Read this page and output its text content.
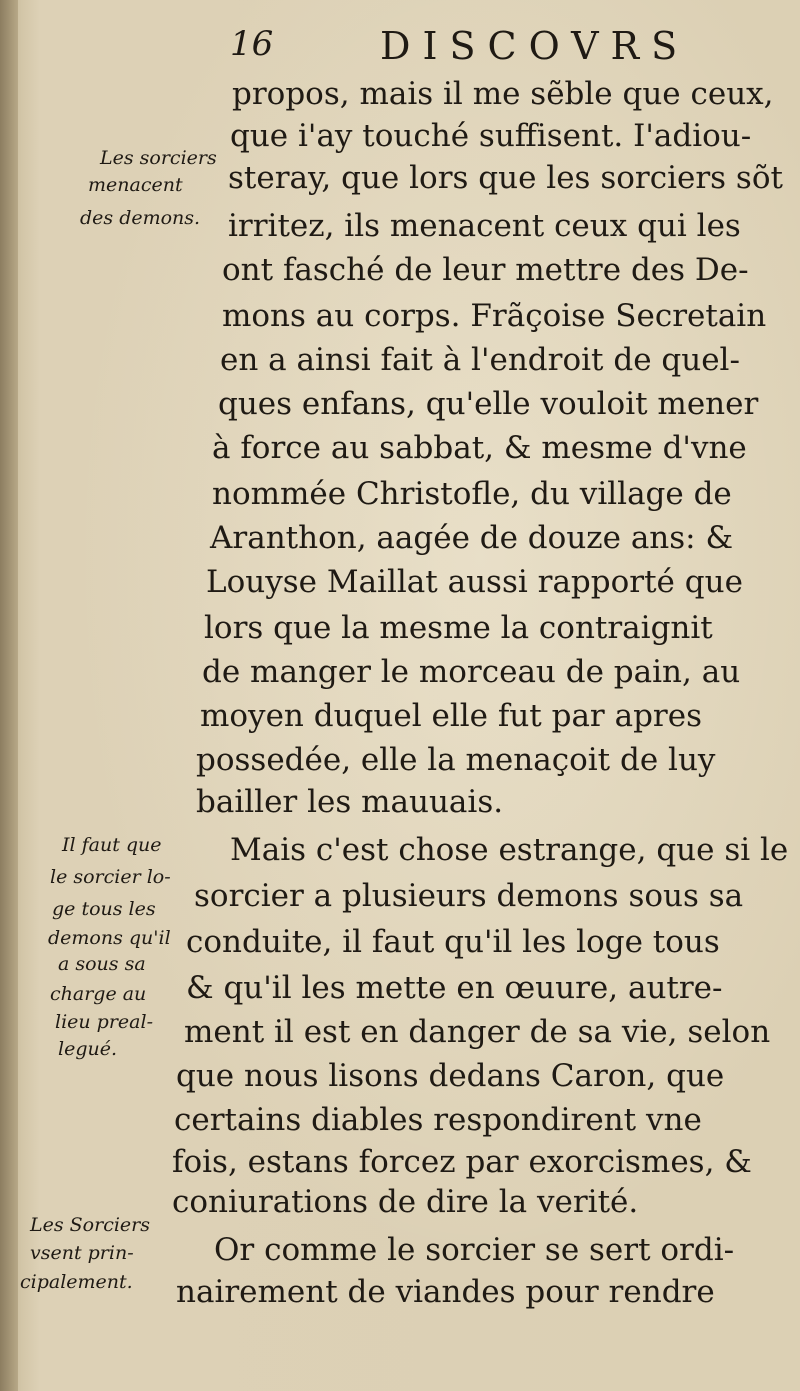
16	DISCOVRS
Les sorciers
menacent
des demons.
Il faut que
le sorcier lo-
ge tous les
demons qu'il
a sous sa
charge au
lieu preal-
legué.
Les Sorciers
vsent prin-
cipalement.
propos, mais il me sẽble que ceux,
que i'ay touché suffisent. I'adiou-
steray, que lors que les sorciers sõt
irritez, ils menacent ceux qui les
ont fasché de leur mettre des De-
mons au corps. Frãçoise Secretain
en a ainsi fait à l'endroit de quel-
ques enfans, qu'elle vouloit mener
à force au sabbat, & mesme d'vne
nommée Christofle, du village de
Aranthon, aagée de douze ans: &
Louyse Maillat aussi rapporté que
lors que la mesme la contraignit
de manger le morceau de pain, au
moyen duquel elle fut par apres
possedée, elle la menaçoit de luy
bailler les mauuais.
Mais c'est chose estrange, que si le
sorcier a plusieurs demons sous sa
conduite, il faut qu'il les loge tous
& qu'il les mette en œuure, autre-
ment il est en danger de sa vie, selon
que nous lisons dedans Caron, que
certains diables respondirent vne
fois, estans forcez par exorcismes, &
coniurations de dire la verité.
Or comme le sorcier se sert ordi-
nairement de viandes pour rendre
